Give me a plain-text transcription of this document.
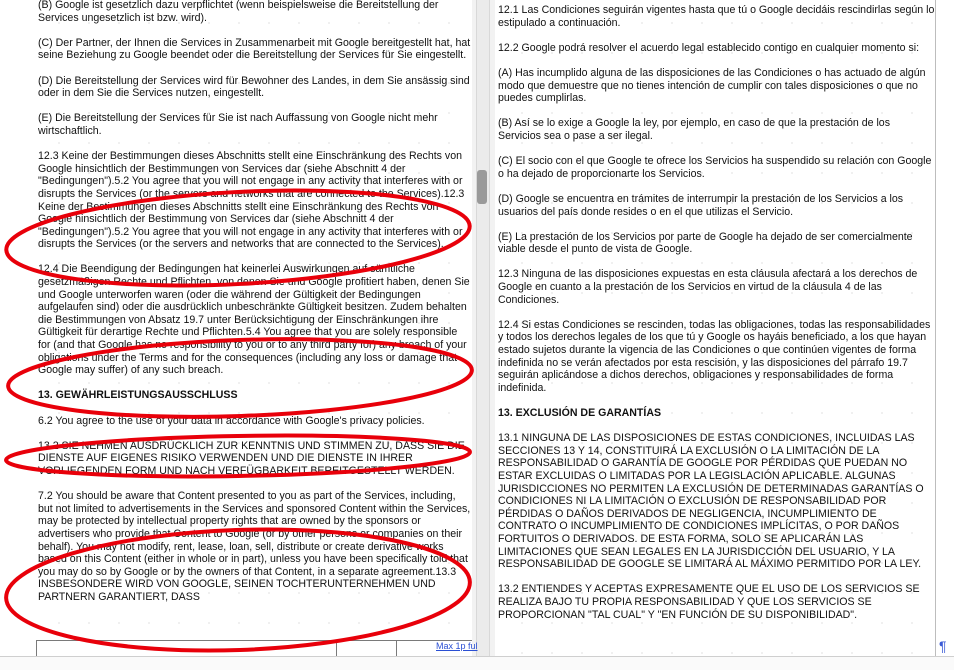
(B) Google ist gesetzlich dazu verpflichtet (wenn beispielsweise die Bereitstellung der Services ungesetzlich ist bzw. wird).

(C) Der Partner, der Ihnen die Services in Zusammenarbeit mit Google bereitgestellt hat, hat seine Beziehung zu Google beendet oder die Bereitstellung der Services für Sie eingestellt.

(D) Die Bereitstellung der Services wird für Bewohner des Landes, in dem Sie ansässig sind oder in dem Sie die Services nutzen, eingestellt.

(E) Die Bereitstellung der Services für Sie ist nach Auffassung von Google nicht mehr wirtschaftlich.

12.3 Keine der Bestimmungen dieses Abschnitts stellt eine Einschränkung des Rechts von Google hinsichtlich der Bestimmungen von Services dar (siehe Abschnitt 4 der "Bedingungen").5.2 You agree that you will not engage in any activity that interferes with or disrupts the Services (or the servers and networks that are connected to the Services).12.3 Keine der Bestimmungen dieses Abschnitts stellt eine Einschränkung des Rechts von Google hinsichtlich der Bestimmung von Services dar (siehe Abschnitt 4 der "Bedingungen").5.2 You agree that you will not engage in any activity that interferes with or disrupts the Services (or the servers and networks that are connected to the Services).

12.4 Die Beendigung der Bedingungen hat keinerlei Auswirkungen auf sämtliche gesetzmäßigen Rechte und Pflichten, von denen Sie und Google profitiert haben, denen Sie und Google unterworfen waren (oder die während der Gültigkeit der Bedingungen aufgelaufen sind) oder die ausdrücklich unbeschränkte Gültigkeit besitzen. Zudem behalten die Bestimmungen von Absatz 19.7 unter Berücksichtigung der Einschränkungen ihre Gültigkeit für derartige Rechte und Pflichten.5.4 You agree that you are solely responsible for (and that Google has no responsibility to you or to any third party for) any breach of your obligations under the Terms and for the consequences (including any loss or damage that Google may suffer) of any such breach.

13. GEWÄHRLEISTUNGSAUSSCHLUSS

6.2 You agree to the use of your data in accordance with Google's privacy policies.

13.2 SIE NEHMEN AUSDRÜCKLICH ZUR KENNTNIS UND STIMMEN ZU, DASS SIE DIE DIENSTE AUF EIGENES RISIKO VERWENDEN UND DIE DIENSTE IN IHRER VORLIEGENDEN FORM UND NACH VERFÜGBARKEIT BEREITGESTELLT WERDEN.

7.2 You should be aware that Content presented to you as part of the Services, including, but not limited to advertisements in the Services and sponsored Content within the Services, may be protected by intellectual property rights that are owned by the sponsors or advertisers who provide that Content to Google (or by other persons or companies on their behalf). You may not modify, rent, lease, loan, sell, distribute or create derivative works based on this Content (either in whole or in part), unless you have been specifically told that you may do so by Google or by the owners of that Content, in a separate agreement.13.3 INSBESONDERE WIRD VON GOOGLE, SEINEN TOCHTERUNTERNEHMEN UND PARTNERN GARANTIERT, DASS

12.1 Las Condiciones seguirán vigentes hasta que tú o Google decidáis rescindirlas según lo estipulado a continuación.

12.2 Google podrá resolver el acuerdo legal establecido contigo en cualquier momento si:

(A) Has incumplido alguna de las disposiciones de las Condiciones o has actuado de algún modo que demuestre que no tienes intención de cumplir con tales disposiciones o que no puedes cumplirlas.

(B) Así se lo exige a Google la ley, por ejemplo, en caso de que la prestación de los Servicios sea o pase a ser ilegal.

(C) El socio con el que Google te ofrece los Servicios ha suspendido su relación con Google o ha dejado de proporcionarte los Servicios.

(D) Google se encuentra en trámites de interrumpir la prestación de los Servicios a los usuarios del país donde resides o en el que utilizas el Servicio.

(E) La prestación de los Servicios por parte de Google ha dejado de ser comercialmente viable desde el punto de vista de Google.

12.3 Ninguna de las disposiciones expuestas en esta cláusula afectará a los derechos de Google en cuanto a la prestación de los Servicios en virtud de la cláusula 4 de las Condiciones.

12.4 Si estas Condiciones se rescinden, todas las obligaciones, todas las responsabilidades y todos los derechos legales de los que tú y Google os hayáis beneficiado, a los que hayan estado sujetos durante la vigencia de las Condiciones o que continúen vigentes de forma indefinida no se verán afectados por esta rescisión, y las disposiciones del párrafo 19.7 seguirán aplicándose a dichos derechos, obligaciones y responsabilidades de forma indefinida.

13. EXCLUSIÓN DE GARANTÍAS

13.1 NINGUNA DE LAS DISPOSICIONES DE ESTAS CONDICIONES, INCLUIDAS LAS SECCIONES 13 Y 14, CONSTITUIRÁ LA EXCLUSIÓN O LA LIMITACIÓN DE LA RESPONSABILIDAD O GARANTÍA DE GOOGLE POR PÉRDIDAS QUE PUEDAN NO ESTAR EXCLUIDAS O LIMITADAS POR LA LEGISLACIÓN APLICABLE. ALGUNAS JURISDICCIONES NO PERMITEN LA EXCLUSIÓN DE DETERMINADAS GARANTÍAS O CONDICIONES NI LA LIMITACIÓN O EXCLUSIÓN DE RESPONSABILIDAD POR PÉRDIDAS O DAÑOS DERIVADOS DE NEGLIGENCIA, INCUMPLIMIENTO DE CONTRATO O INCUMPLIMIENTO DE CONDICIONES IMPLÍCITAS, O POR DAÑOS FORTUITOS O DERIVADOS. DE ESTA FORMA, SOLO SE APLICARÁN LAS LIMITACIONES QUE SEAN LEGALES EN LA JURISDICCIÓN DEL USUARIO, Y LA RESPONSABILIDAD DE GOOGLE SE LIMITARÁ AL MÁXIMO PERMITIDO POR LA LEY.

13.2 ENTIENDES Y ACEPTAS EXPRESAMENTE QUE EL USO DE LOS SERVICIOS SE REALIZA BAJO TU PROPIA RESPONSABILIDAD Y QUE LOS SERVICIOS SE PROPORCIONAN "TAL CUAL" Y "EN FUNCIÓN DE SU DISPONIBILIDAD".

¶
Max 1p ful
